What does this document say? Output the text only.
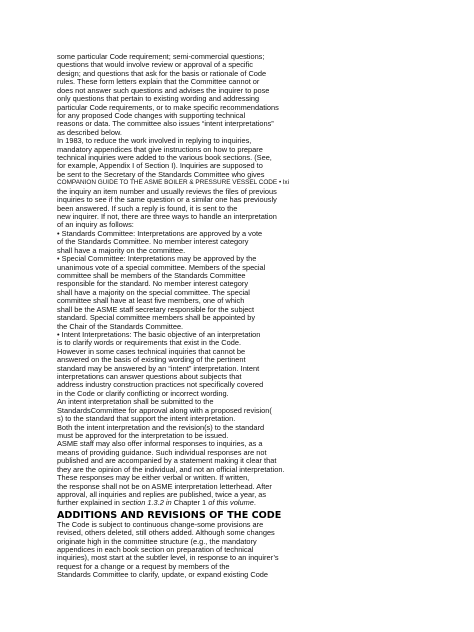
some particular Code requirement; semi-commercial questions;
questions that would involve review or approval of a specific
design; and questions that ask for the basis or rationale of Code
rules. These form letters explain that the Committee cannot or
does not answer such questions and advises the inquirer to pose
only questions that pertain to existing wording and addressing
particular Code requirements, or to make specific recommendations
for any proposed Code changes with supporting technical
reasons or data. The committee also issues “intent interpretations”
as described below.
In 1983, to reduce the work involved in replying to inquiries,
mandatory appendices that give instructions on how to prepare
technical inquiries were added to the various book sections. (See,
for example, Appendix I of Section I). Inquiries are supposed to
be sent to the Secretary of the Standards Committee who gives
COMPANION GUIDE TO THE ASME BOILER & PRESSURE VESSEL CODE • lxi
the inquiry an item number and usually reviews the files of previous
inquiries to see if the same question or a similar one has previously
been answered. If such a reply is found, it is sent to the
new inquirer. If not, there are three ways to handle an interpretation
of an inquiry as follows:
• Standards Committee: Interpretations are approved by a vote
of the Standards Committee. No member interest category
shall have a majority on the committee.
• Special Committee: Interpretations may be approved by the
unanimous vote of a special committee. Members of the special
committee shall be members of the Standards Committee
responsible for the standard. No member interest category
shall have a majority on the special committee. The special
committee shall have at least five members, one of which
shall be the ASME staff secretary responsible for the subject
standard. Special committee members shall be appointed by
the Chair of the Standards Committee.
• Intent Interpretations: The basic objective of an interpretation
is to clarify words or requirements that exist in the Code.
However in some cases technical inquiries that cannot be
answered on the basis of existing wording of the pertinent
standard may be answered by an “intent” interpretation. Intent
interpretations can answer questions about subjects that
address industry construction practices not specifically covered
in the Code or clarify conflicting or incorrect wording.
An intent interpretation shall be submitted to the
StandardsCommittee for approval along with a proposed revision(
s) to the standard that support the intent interpretation.
Both the intent interpretation and the revision(s) to the standard
must be approved for the interpretation to be issued.
ASME staff may also offer informal responses to inquiries, as a
means of providing guidance. Such individual responses are not
published and are accompanied by a statement making it clear that
they are the opinion of the individual, and not an official interpretation.
These responses may be either verbal or written. If written,
the response shall not be on ASME interpretation letterhead. After
approval, all inquiries and replies are published, twice a year, as
further explained in section 1.3.2 in Chapter 1 of this volume.
ADDITIONS AND REVISIONS OF THE CODE
The Code is subject to continuous change-some provisions are
revised, others deleted, still others added. Although some changes
originate high in the committee structure (e.g., the mandatory
appendices in each book section on preparation of technical
inquiries), most start at the subtler level, in response to an inquirer’s
request for a change or a request by members of the
Standards Committee to clarify, update, or expand existing Code
